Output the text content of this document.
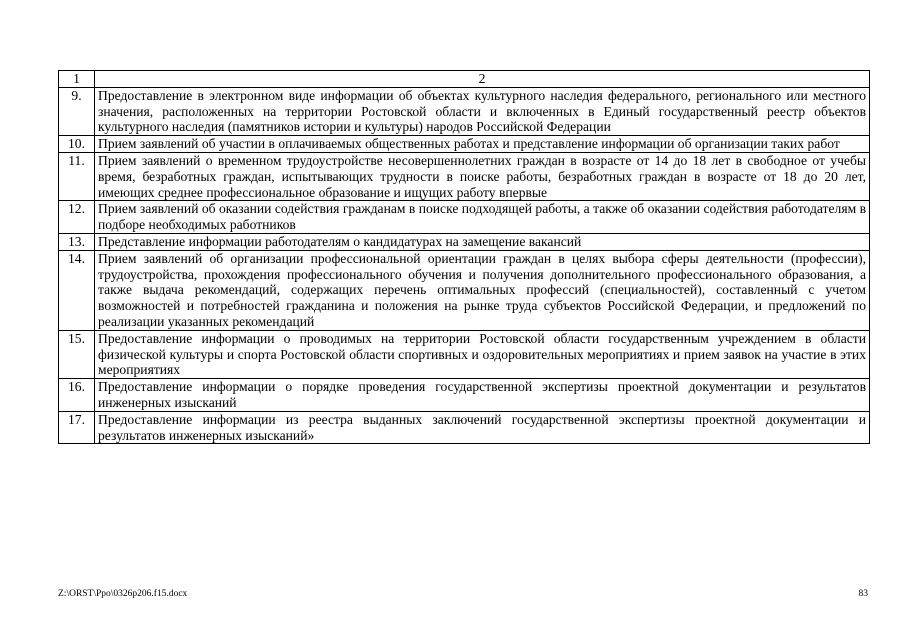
1	2
9.	Предоставление в электронном виде информации об объектах культурного наследия федерального, регионального или местного значения, расположенных на территории Ростовской области и включенных в Единый государственный реестр объектов культурного наследия (памятников истории и культуры) народов Российской Федерации
10.	Прием заявлений об участии в оплачиваемых общественных работах и представление информации об организации таких работ
11.	Прием заявлений о временном трудоустройстве несовершеннолетних граждан в возрасте от 14 до 18 лет в свободное от учебы время, безработных граждан, испытывающих трудности в поиске работы, безработных граждан в возрасте от 18 до 20 лет, имеющих среднее профессиональное образование и ищущих работу впервые
12.	Прием заявлений об оказании содействия гражданам в поиске подходящей работы, а также об оказании содействия работодателям в подборе необходимых работников
13.	Представление информации работодателям о кандидатурах на замещение вакансий
14.	Прием заявлений об организации профессиональной ориентации граждан в целях выбора сферы деятельности (профессии), трудоустройства, прохождения профессионального обучения и получения дополнительного профессионального образования, а также выдача рекомендаций, содержащих перечень оптимальных профессий (специальностей), составленный с учетом возможностей и потребностей гражданина и положения на рынке труда субъектов Российской Федерации, и предложений по реализации указанных рекомендаций
15.	Предоставление информации о проводимых на территории Ростовской области государственным учреждением в области физической культуры и спорта Ростовской области спортивных и оздоровительных мероприятиях и прием заявок на участие в этих мероприятиях
16.	Предоставление информации о порядке проведения государственной экспертизы проектной документации и результатов инженерных изысканий
17.	Предоставление информации из реестра выданных заключений государственной экспертизы проектной документации и результатов инженерных изысканий»
Z:\ORST\Ppo\0326p206.f15.docx	83
